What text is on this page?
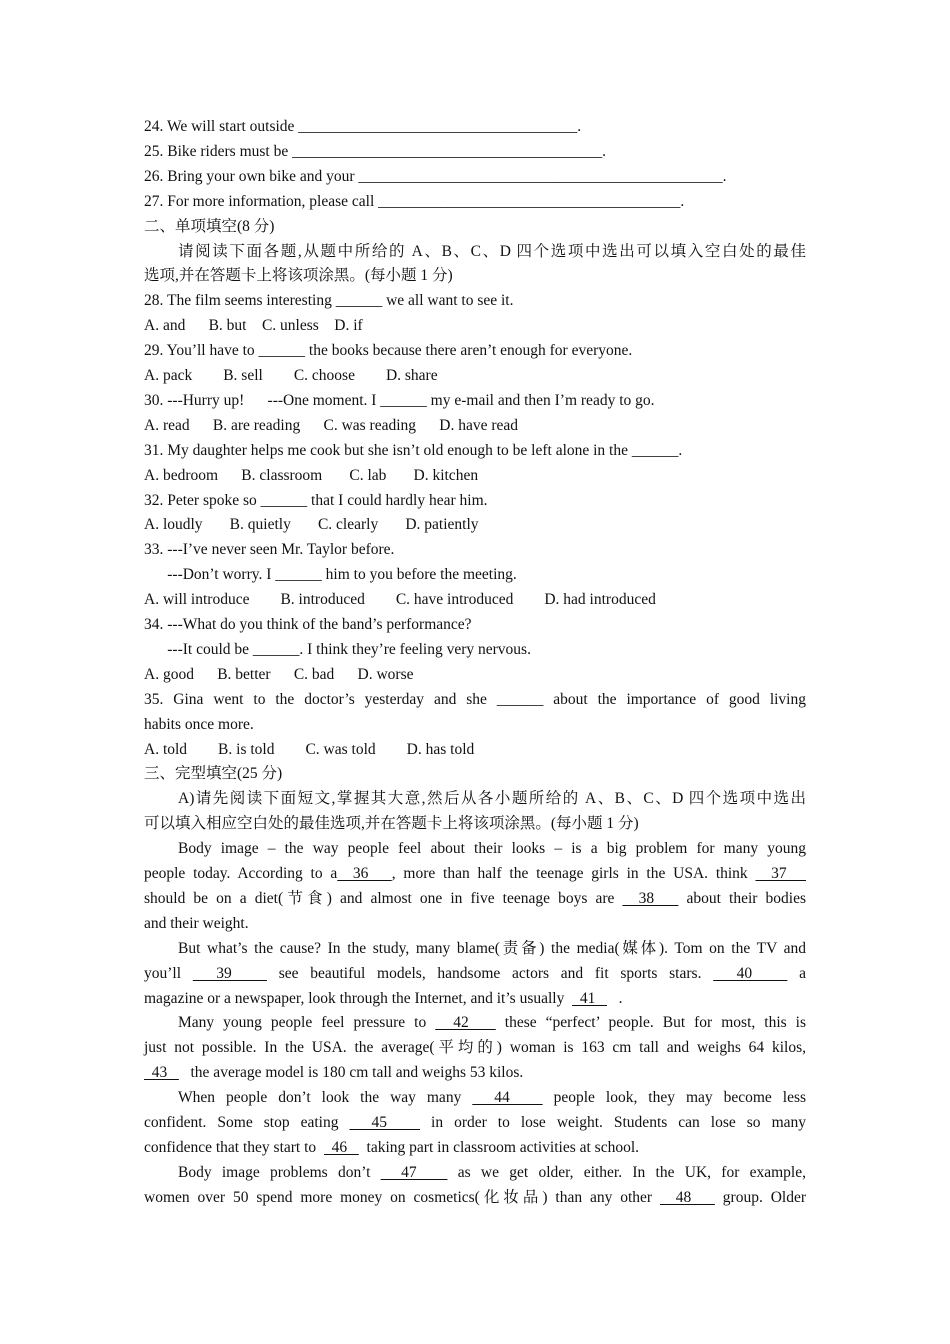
24. We will start outside ____________________________________.
25. Bike riders must be ________________________________________.
26. Bring your own bike and your _______________________________________________.
27. For more information, please call _______________________________________.
二、单项填空(8 分)
请阅读下面各题,从题中所给的 A、B、C、D 四个选项中选出可以填入空白处的最佳
选项,并在答题卡上将该项涂黑。(每小题 1 分)
28. The film seems interesting ______ we all want to see it.
A. and      B. but    C. unless    D. if
29. You’ll have to ______ the books because there aren’t enough for everyone.
A. pack        B. sell        C. choose        D. share
30. ---Hurry up!      ---One moment. I ______ my e-mail and then I’m ready to go.
A. read      B. are reading      C. was reading      D. have read
31. My daughter helps me cook but she isn’t old enough to be left alone in the ______.
A. bedroom      B. classroom       C. lab       D. kitchen
32. Peter spoke so ______ that I could hardly hear him.
A. loudly       B. quietly       C. clearly       D. patiently
33. ---I’ve never seen Mr. Taylor before.
---Don’t worry. I ______ him to you before the meeting.
A. will introduce        B. introduced        C. have introduced        D. had introduced
34. ---What do you think of the band’s performance?
---It could be ______. I think they’re feeling very nervous.
A. good      B. better      C. bad      D. worse
35. Gina went to the doctor’s yesterday and she ______ about the importance of good living
habits once more.
A. told        B. is told        C. was told        D. has told
三、完型填空(25 分)
A)请先阅读下面短文,掌握其大意,然后从各小题所给的 A、B、C、D 四个选项中选出
可以填入相应空白处的最佳选项,并在答题卡上将该项涂黑。(每小题 1 分)
Body image – the way people feel about their looks – is a big problem for many young
people today. According to a  36   , more than half the teenage girls in the USA. think   37
should be on a diet(节食) and almost one in five teenage boys are   38    about their bodies
and their weight.
But what’s the cause? In the study, many blame(责备) the media(媒体). Tom on the TV and
you’ll   39    see beautiful models, handsome actors and fit sports stars.   40    a
magazine or a newspaper, look through the Internet, and it’s usually    41      .
Many young people feel pressure to   42    these “perfect’ people. But for most, this is
just not possible. In the USA. the average(平均的) woman is 163 cm tall and weighs 64 kilos,
43      the average model is 180 cm tall and weighs 53 kilos.
When people don’t look the way many   44    people look, they may become less
confident. Some stop eating   45    in order to lose weight. Students can lose so many
confidence that they start to    46     taking part in classroom activities at school.
Body image problems don’t   47    as we get older, either. In the UK, for example,
women over 50 spend more money on cosmetics(化妆品) than any other   48    group. Older
